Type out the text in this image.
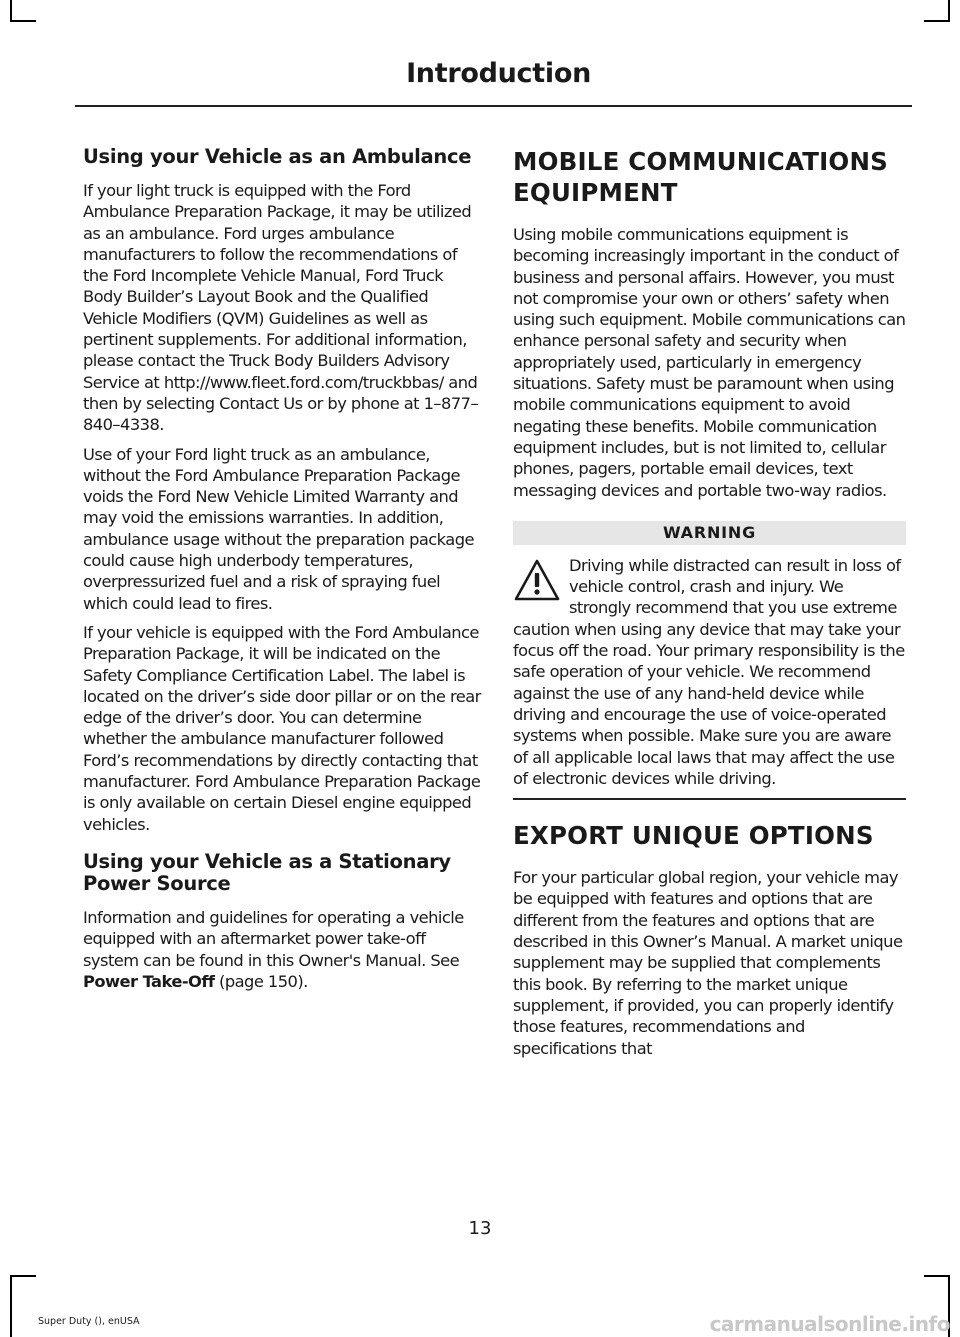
Introduction
Using your Vehicle as an Ambulance

If your light truck is equipped with the Ford Ambulance Preparation Package, it may be utilized as an ambulance. Ford urges ambulance manufacturers to follow the recommendations of the Ford Incomplete Vehicle Manual, Ford Truck Body Builder’s Layout Book and the Qualified Vehicle Modifiers (QVM) Guidelines as well as pertinent supplements. For additional information, please contact the Truck Body Builders Advisory Service at http://www.fleet.ford.com/truckbbas/ and then by selecting Contact Us or by phone at 1–877–840–4338.

Use of your Ford light truck as an ambulance, without the Ford Ambulance Preparation Package voids the Ford New Vehicle Limited Warranty and may void the emissions warranties. In addition, ambulance usage without the preparation package could cause high underbody temperatures, overpressurized fuel and a risk of spraying fuel which could lead to fires.

If your vehicle is equipped with the Ford Ambulance Preparation Package, it will be indicated on the Safety Compliance Certification Label. The label is located on the driver’s side door pillar or on the rear edge of the driver’s door. You can determine whether the ambulance manufacturer followed Ford’s recommendations by directly contacting that manufacturer. Ford Ambulance Preparation Package is only available on certain Diesel engine equipped vehicles.

Using your Vehicle as a Stationary Power Source

Information and guidelines for operating a vehicle equipped with an aftermarket power take-off system can be found in this Owner's Manual. See Power Take-Off (page 150).

MOBILE COMMUNICATIONS
EQUIPMENT

Using mobile communications equipment is becoming increasingly important in the conduct of business and personal affairs. However, you must not compromise your own or others’ safety when using such equipment. Mobile communications can enhance personal safety and security when appropriately used, particularly in emergency situations. Safety must be paramount when using mobile communications equipment to avoid negating these benefits. Mobile communication equipment includes, but is not limited to, cellular phones, pagers, portable email devices, text messaging devices and portable two-way radios.

WARNING

Driving while distracted can result in loss of vehicle control, crash and injury. We strongly recommend that you use extreme caution when using any device that may take your focus off the road. Your primary responsibility is the safe operation of your vehicle. We recommend against the use of any hand-held device while driving and encourage the use of voice-operated systems when possible. Make sure you are aware of all applicable local laws that may affect the use of electronic devices while driving.

EXPORT UNIQUE OPTIONS

For your particular global region, your vehicle may be equipped with features and options that are different from the features and options that are described in this Owner’s Manual. A market unique supplement may be supplied that complements this book. By referring to the market unique supplement, if provided, you can properly identify those features, recommendations and specifications that

13
Super Duty (), enUSA	carmanualsonline.info
